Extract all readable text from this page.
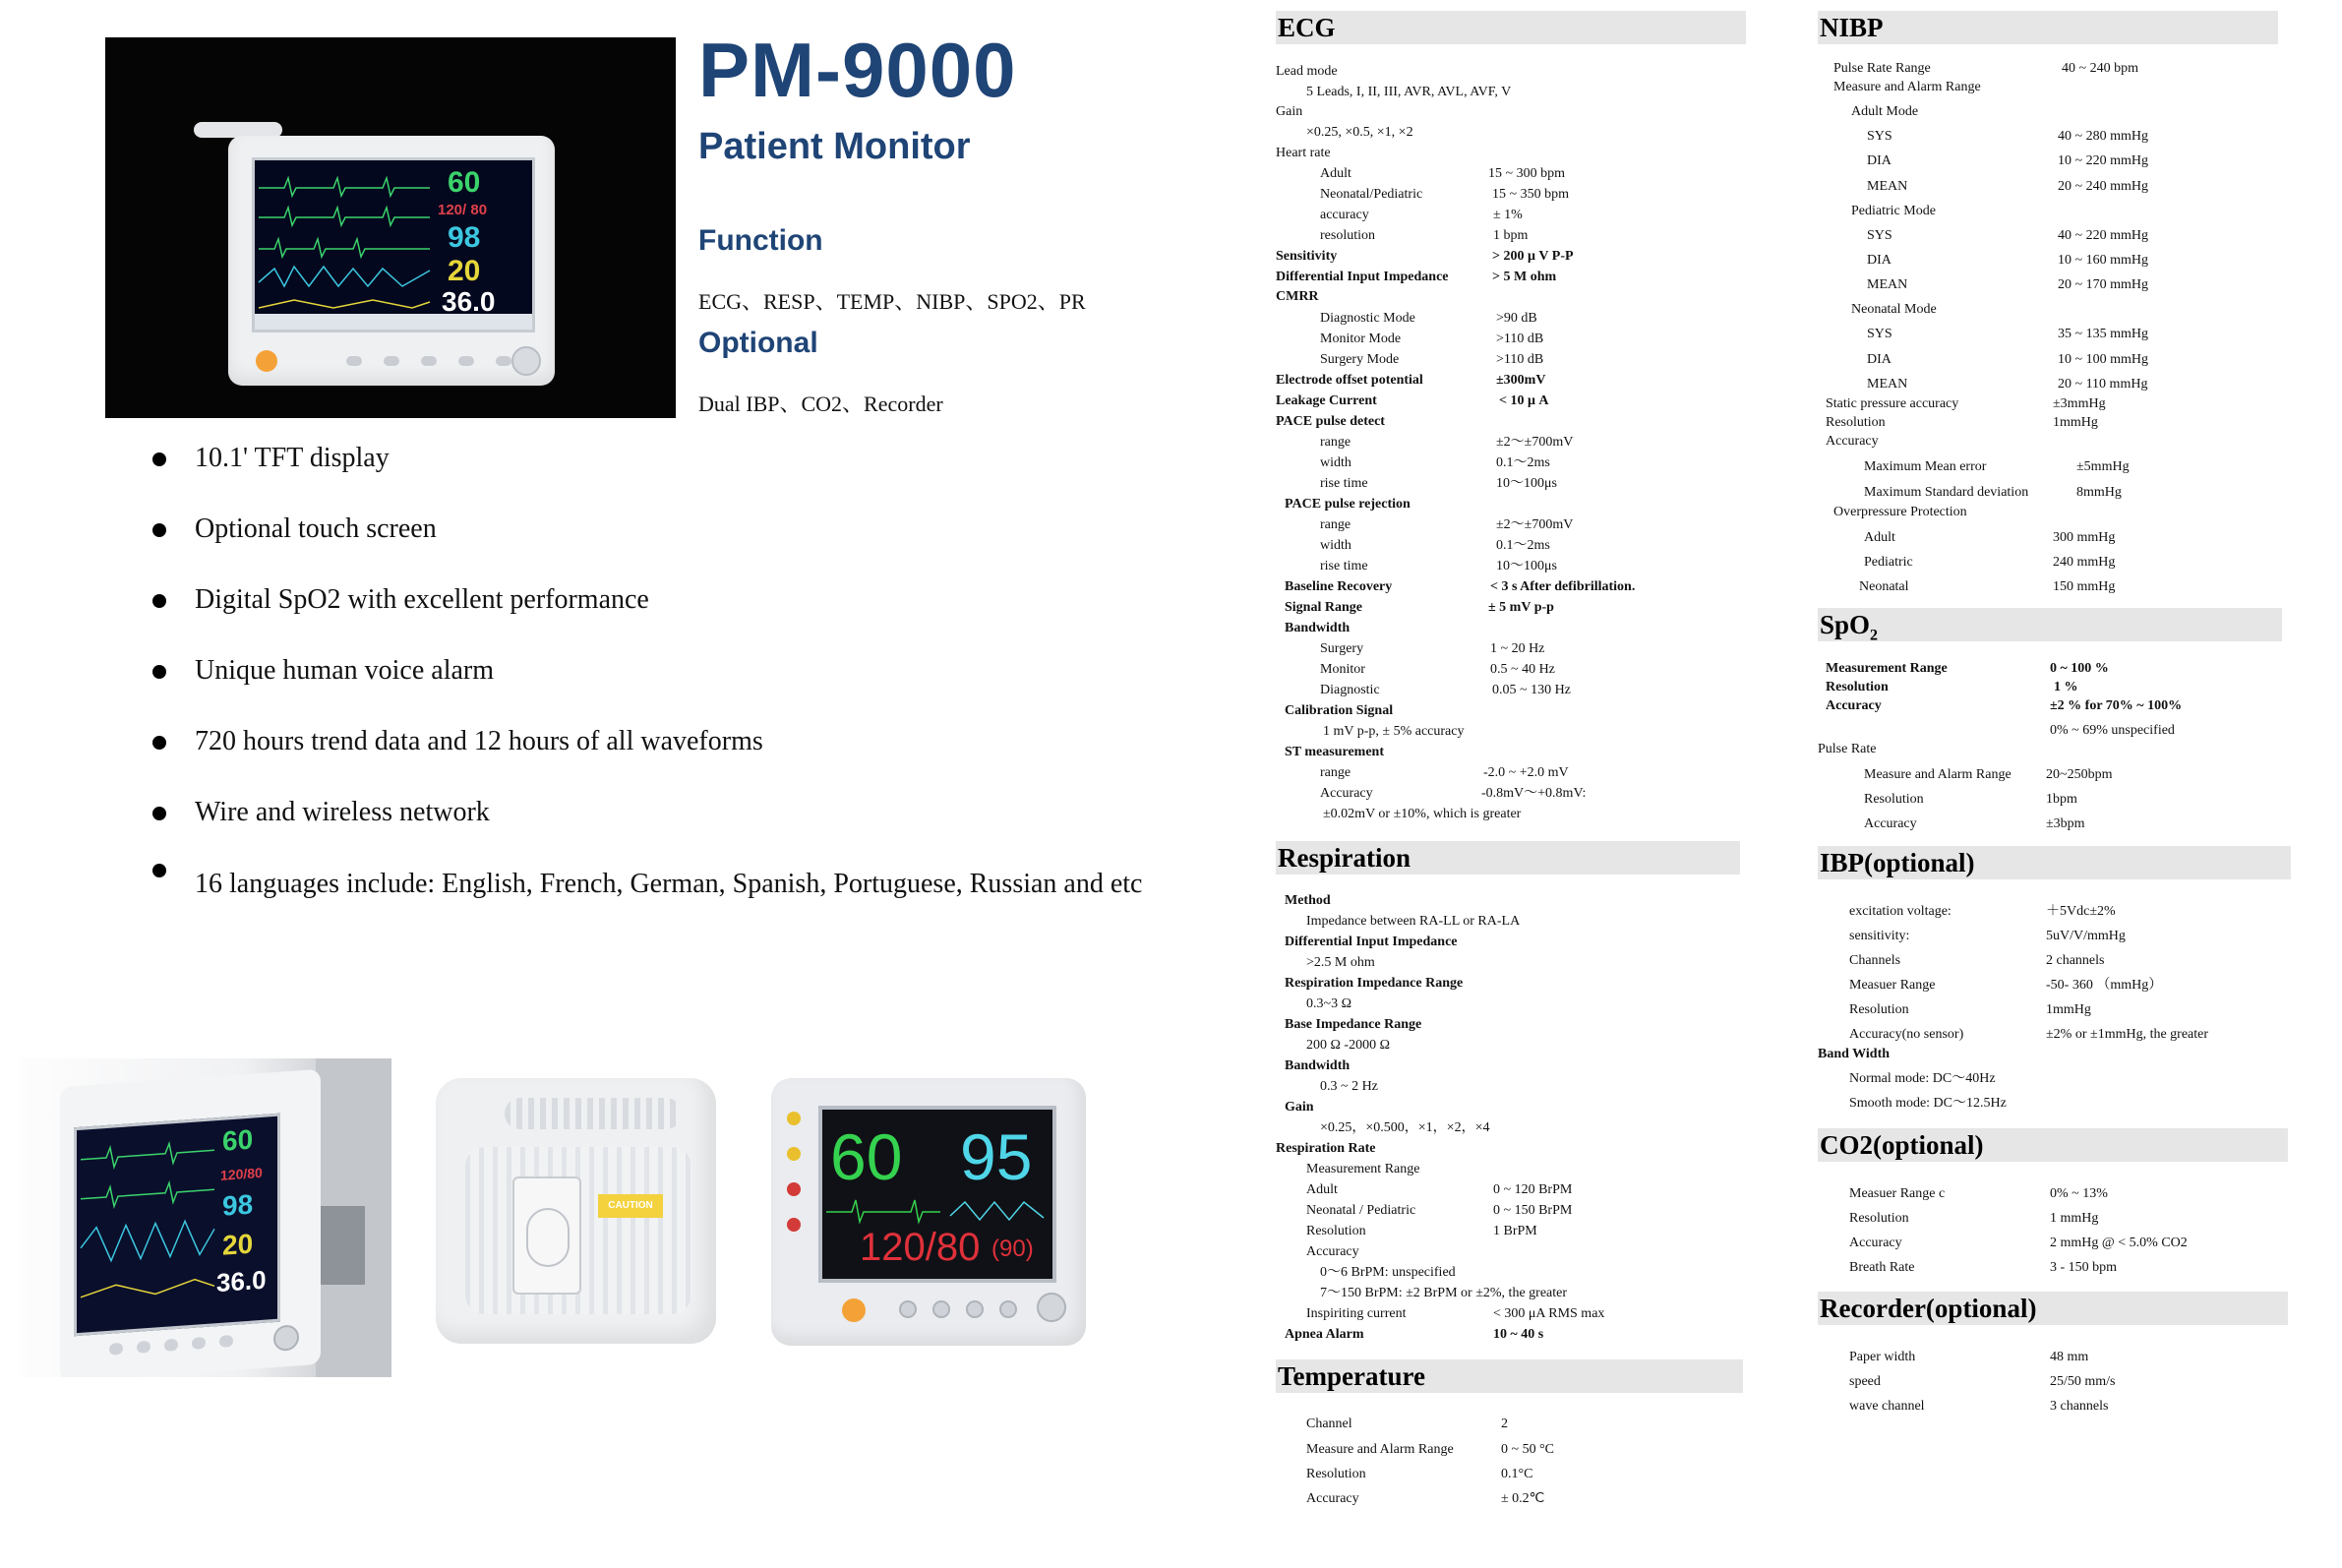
60
120/ 80
98
20
36.0
PM-9000
Patient Monitor
Function
ECG、RESP、TEMP、NIBP、SPO2、PR
Optional
Dual IBP、CO2、Recorder
10.1' TFT display
Optional touch screen
Digital SpO2 with excellent performance
Unique human voice alarm
720 hours trend data and 12 hours of all waveforms
Wire and wireless network
16 languages include: English, French, German, Spanish, Portuguese, Russian and etc
60
120/80
98
20
36.0
CAUTION
60 95
120/80 (90)
ECG
Respiration
Temperature
NIBP
SpO$_2$
IBP(optional)
CO2(optional)
Recorder(optional)
Lead mode
5 Leads, I, II, III, AVR, AVL, AVF, V
Gain
×0.25, ×0.5, ×1, ×2
Heart rate
Adult	15 ~ 300 bpm
Neonatal/Pediatric	15 ~ 350 bpm
accuracy	± 1%
resolution	1 bpm
Sensitivity	> 200 μ V P-P
Differential Input Impedance	> 5 M ohm
CMRR
Diagnostic Mode	>90 dB
Monitor Mode	>110 dB
Surgery Mode	>110 dB
Electrode offset potential	±300mV
Leakage Current	< 10 μ A
PACE pulse detect
range	±2～±700mV
width	0.1～2ms
rise time	10～100μs
PACE pulse rejection
range	±2～±700mV
width	0.1～2ms
rise time	10～100μs
Baseline Recovery	< 3 s After defibrillation.
Signal Range	± 5 mV p-p
Bandwidth
Surgery	1 ~ 20 Hz
Monitor	0.5 ~ 40 Hz
Diagnostic	0.05 ~ 130 Hz
Calibration Signal
1 mV p-p, ± 5% accuracy
ST measurement
range	-2.0 ~ +2.0 mV
Accuracy	-0.8mV～+0.8mV:
±0.02mV or ±10%, which is greater
Method
Impedance between RA-LL or RA-LA
Differential Input Impedance
>2.5 M ohm
Respiration Impedance Range
0.3~3 Ω
Base Impedance Range
200 Ω -2000 Ω
Bandwidth
0.3 ~ 2 Hz
Gain
×0.25，×0.500，×1，×2，×4
Respiration Rate
Measurement Range
Adult	0 ~ 120 BrPM
Neonatal / Pediatric	0 ~ 150 BrPM
Resolution	1 BrPM
Accuracy
0～6 BrPM: unspecified
7～150 BrPM: ±2 BrPM or ±2%, the greater
Inspiriting current	< 300 μA RMS max
Apnea Alarm	10 ~ 40 s
Channel	2
Measure and Alarm Range	0 ~ 50 °C
Resolution	0.1°C
Accuracy	± 0.2℃
Pulse Rate Range	40 ~ 240 bpm
Measure and Alarm Range
Adult Mode
SYS	40 ~ 280 mmHg
DIA	10 ~ 220 mmHg
MEAN	20 ~ 240 mmHg
Pediatric Mode
SYS	40 ~ 220 mmHg
DIA	10 ~ 160 mmHg
MEAN	20 ~ 170 mmHg
Neonatal Mode
SYS	35 ~ 135 mmHg
DIA	10 ~ 100 mmHg
MEAN	20 ~ 110 mmHg
Static pressure accuracy	±3mmHg
Resolution	1mmHg
Accuracy
Maximum Mean error	±5mmHg
Maximum Standard deviation	8mmHg
Overpressure Protection
Adult	300 mmHg
Pediatric	240 mmHg
Neonatal	150 mmHg
Measurement Range	0 ~ 100 %
Resolution	1 %
Accuracy	±2 % for 70% ~ 100%
0% ~ 69% unspecified
Pulse Rate
Measure and Alarm Range	20~250bpm
Resolution	1bpm
Accuracy	±3bpm
excitation voltage:	＋5Vdc±2%
sensitivity:	5uV/V/mmHg
Channels	2 channels
Measuer Range	-50- 360 （mmHg）
Resolution	1mmHg
Accuracy(no sensor)	±2% or ±1mmHg, the greater
Band Width
Normal mode: DC～40Hz
Smooth mode: DC～12.5Hz
Measuer Range c	0% ~ 13%
Resolution	1 mmHg
Accuracy	2 mmHg @ < 5.0% CO2
Breath Rate	3 - 150 bpm
Paper width	48 mm
speed	25/50 mm/s
wave channel	3 channels
